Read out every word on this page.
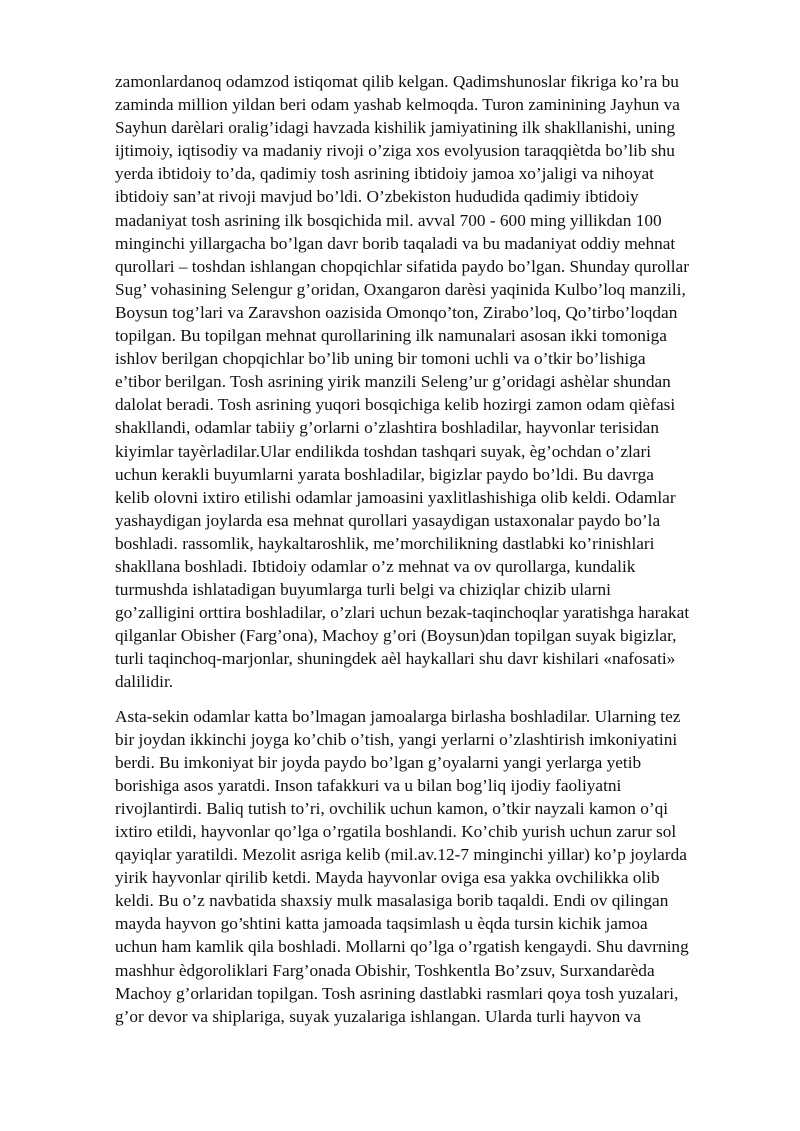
zamonlardanoq odamzod istiqomat qilib kelgan. Qadimshunoslar fikriga ko’ra bu
zaminda million yildan beri odam yashab kelmoqda. Turon zaminining Jayhun va
Sayhun darèlari oralig’idagi havzada kishilik jamiyatining ilk shakllanishi, uning
ijtimoiy, iqtisodiy va madaniy rivoji o’ziga xos evolyusion taraqqiètda bo’lib shu
yerda ibtidoiy to’da, qadimiy tosh asrining ibtidoiy jamoa xo’jaligi va nihoyat
ibtidoiy san’at rivoji mavjud bo’ldi. O’zbekiston hududida qadimiy ibtidoiy
madaniyat tosh asrining ilk bosqichida mil. avval 700 - 600 ming yillikdan 100
minginchi yillargacha bo’lgan davr borib taqaladi va bu madaniyat oddiy mehnat
qurollari – toshdan ishlangan chopqichlar sifatida paydo bo’lgan. Shunday qurollar
Sug’ vohasining Selengur g’oridan, Oxangaron darèsi yaqinida Kulbo’loq manzili,
Boysun tog’lari va Zaravshon oazisida Omonqo’ton, Zirabo’loq, Qo’tirbo’loqdan
topilgan. Bu topilgan mehnat qurollarining ilk namunalari asosan ikki tomoniga
ishlov berilgan chopqichlar bo’lib uning bir tomoni uchli va o’tkir bo’lishiga
e’tibor berilgan. Tosh asrining yirik manzili Seleng’ur g’oridagi ashèlar shundan
dalolat beradi. Tosh asrining yuqori bosqichiga kelib hozirgi zamon odam qièfasi
shakllandi, odamlar tabiiy g’orlarni o’zlashtira boshladilar, hayvonlar terisidan
kiyimlar tayèrladilar.Ular endilikda toshdan tashqari suyak, èg’ochdan o’zlari
uchun kerakli buyumlarni yarata boshladilar, bigizlar paydo bo’ldi. Bu davrga
kelib olovni ixtiro etilishi odamlar jamoasini yaxlitlashishiga olib keldi. Odamlar
yashaydigan joylarda esa mehnat qurollari yasaydigan ustaxonalar paydo bo’la
boshladi. rassomlik, haykaltaroshlik, me’morchilikning dastlabki ko’rinishlari
shakllana boshladi. Ibtidoiy odamlar o’z mehnat va ov qurollarga, kundalik
turmushda ishlatadigan buyumlarga turli belgi va chiziqlar chizib ularni
go’zalligini orttira boshladilar, o’zlari uchun bezak-taqinchoqlar yaratishga harakat
qilganlar Obisher (Farg’ona), Machoy g’ori (Boysun)dan topilgan suyak bigizlar,
turli taqinchoq-marjonlar, shuningdek aèl haykallari shu davr kishilari «nafosati»
dalilidir.
Asta-sekin odamlar katta bo’lmagan jamoalarga birlasha boshladilar. Ularning tez
bir joydan ikkinchi joyga ko’chib o’tish, yangi yerlarni o’zlashtirish imkoniyatini
berdi. Bu imkoniyat bir joyda paydo bo’lgan g’oyalarni yangi yerlarga yetib
borishiga asos yaratdi. Inson tafakkuri va u bilan bog’liq ijodiy faoliyatni
rivojlantirdi. Baliq tutish to’ri, ovchilik uchun kamon, o’tkir nayzali kamon o’qi
ixtiro etildi, hayvonlar qo’lga o’rgatila boshlandi. Ko’chib yurish uchun zarur sol
qayiqlar yaratildi. Mezolit asriga kelib (mil.av.12-7 minginchi yillar) ko’p joylarda
yirik hayvonlar qirilib ketdi. Mayda hayvonlar oviga esa yakka ovchilikka olib
keldi. Bu o’z navbatida shaxsiy mulk masalasiga borib taqaldi. Endi ov qilingan
mayda hayvon go’shtini katta jamoada taqsimlash u èqda tursin kichik jamoa
uchun ham kamlik qila boshladi. Mollarni qo’lga o’rgatish kengaydi. Shu davrning
mashhur èdgoroliklari Farg’onada Obishir, Toshkentla Bo’zsuv, Surxandarèda
Machoy g’orlaridan topilgan. Tosh asrining dastlabki rasmlari qoya tosh yuzalari,
g’or devor va shiplariga, suyak yuzalariga ishlangan. Ularda turli hayvon va
